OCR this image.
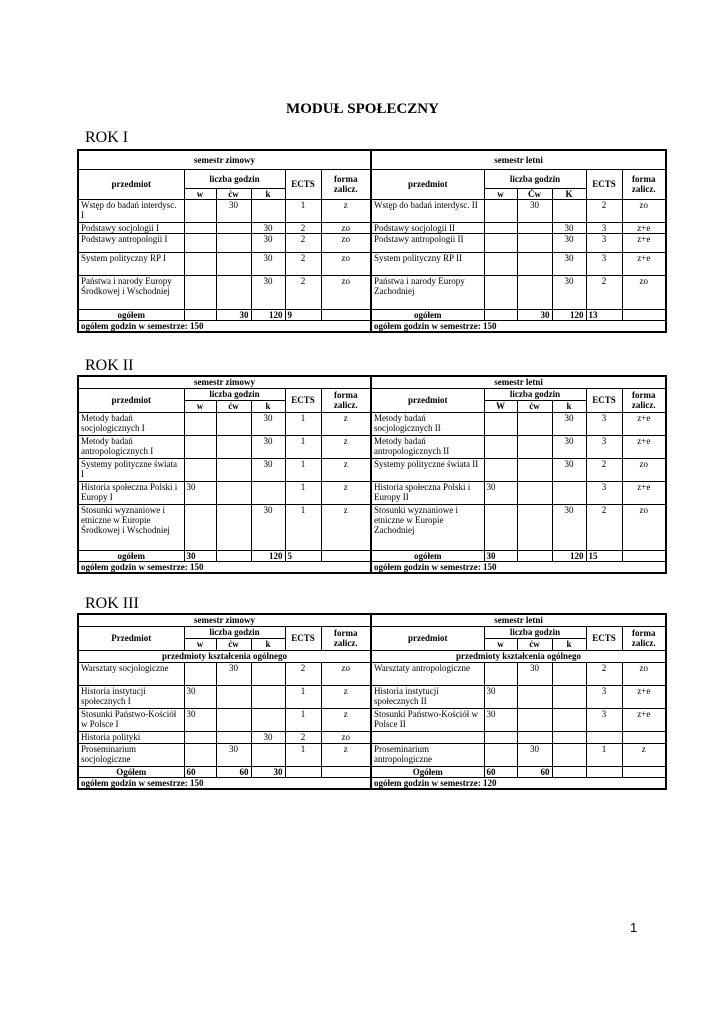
MODUŁ SPOŁECZNY
ROK I
semestr zimowy						semestr letni					
przedmiot	liczba godzin			ECTS	forma zalicz.	przedmiot	liczba godzin			ECTS	forma zalicz.
	w	ćw	k				w	Ćw	K		
Wstęp do badań interdysc. I		30		1	z	Wstęp do badań interdysc. II		30		2	zo
Podstawy socjologii I			30	2	zo	Podstawy socjologii II			30	3	z+e
Podstawy antropologii I			30	2	zo	Podstawy antropologii II			30	3	z+e
System polityczny RP I			30	2	zo	System polityczny RP II			30	3	z+e
Państwa i narody Europy Środkowej i Wschodniej			30	2	zo	Państwa i narody Europy Zachodniej			30	2	zo
ogółem		30	120	9		ogółem		30	120	13	
ogółem godzin w semestrze: 150						ogółem godzin w semestrze: 150					
ROK II
semestr zimowy						semestr letni					
przedmiot	liczba godzin			ECTS	forma zalicz.	przedmiot	liczba godzin			ECTS	forma zalicz.
	w	ćw	k				W	ćw	k		
Metody badań socjologicznych I			30	1	z	Metody badań socjologicznych II			30	3	z+e
Metody badań antropologicznych I			30	1	z	Metody badań antropologicznych II			30	3	z+e
Systemy polityczne świata I			30	1	z	Systemy polityczne świata II			30	2	zo
Historia społeczna Polski i Europy I	30			1	z	Historia społeczna Polski i Europy II	30			3	z+e
Stosunki wyznaniowe i etniczne w Europie Środkowej i Wschodniej			30	1	z	Stosunki wyznaniowe i etniczne w Europie Zachodniej			30	2	zo
ogółem	30		120	5		ogółem	30		120	15	
ogółem godzin w semestrze: 150						ogółem godzin w semestrze: 150					
ROK III
semestr zimowy						semestr letni					
Przedmiot	liczba godzin			ECTS	forma zalicz.	przedmiot	liczba godzin			ECTS	forma zalicz.
	w	ćw	k				w	ćw	k		
przedmioty kształcenia ogólnego						przedmioty kształcenia ogólnego					
Warsztaty socjologiczne		30		2	zo	Warsztaty antropologiczne		30		2	zo
Historia instytucji społecznych I	30			1	z	Historia instytucji społecznych II	30			3	z+e
Stosunki Państwo-Kościół w Polsce I	30			1	z	Stosunki Państwo-Kościół w Polsce II	30			3	z+e
Historia polityki			30	2	zo						
Proseminarium socjologiczne		30		1	z	Proseminarium antropologiczne		30		1	z
Ogółem	60	60	30			Ogółem	60	60			
ogółem godzin w semestrze: 150						ogółem godzin w semestrze: 120					
1
